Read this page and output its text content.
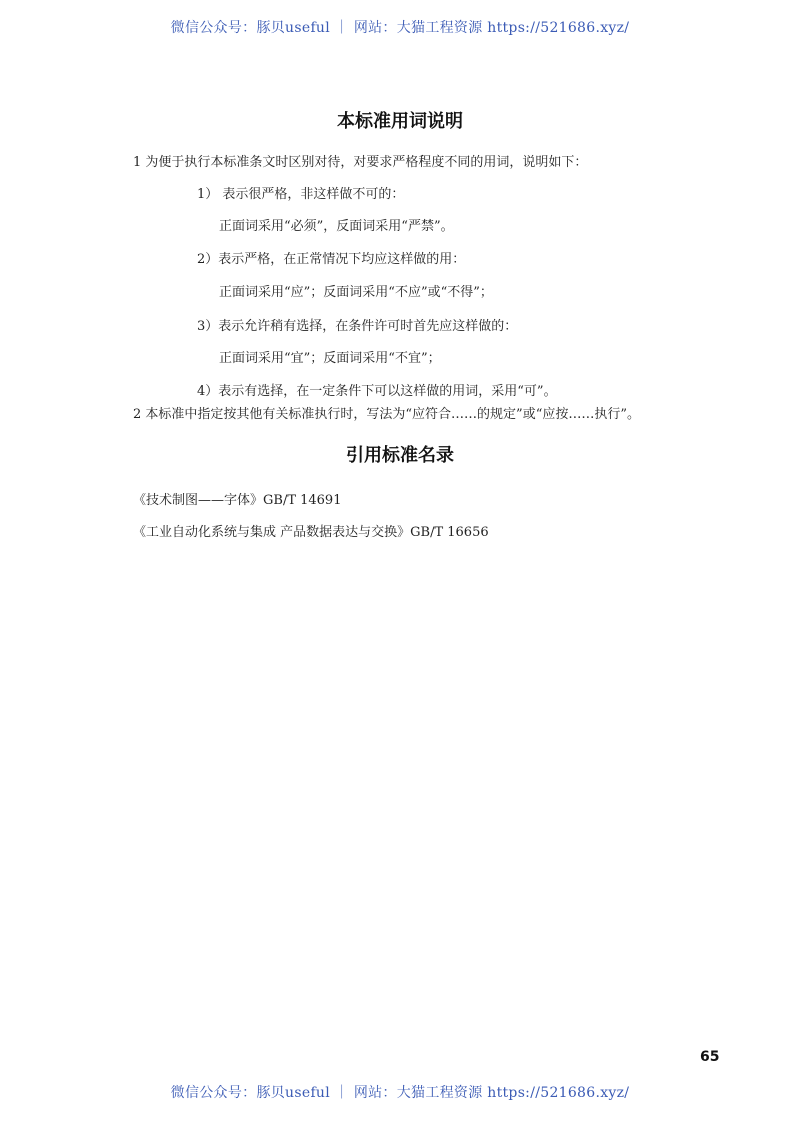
微信公众号：豚贝useful ｜ 网站：大猫工程资源 https://521686.xyz/
本标准用词说明
1 为便于执行本标准条文时区别对待，对要求严格程度不同的用词，说明如下：
1） 表示很严格，非这样做不可的：
正面词采用“必须”，反面词采用“严禁”。
2）表示严格，在正常情况下均应这样做的用：
正面词采用“应”；反面词采用“不应”或“不得”；
3）表示允许稍有选择，在条件许可时首先应这样做的：
正面词采用“宜”；反面词采用“不宜”；
4）表示有选择，在一定条件下可以这样做的用词，采用“可”。
2 本标准中指定按其他有关标准执行时，写法为“应符合……的规定”或“应按……执行”。
引用标准名录
《技术制图——字体》GB/T 14691
《工业自动化系统与集成 产品数据表达与交换》GB/T 16656
65
微信公众号：豚贝useful ｜ 网站：大猫工程资源 https://521686.xyz/
